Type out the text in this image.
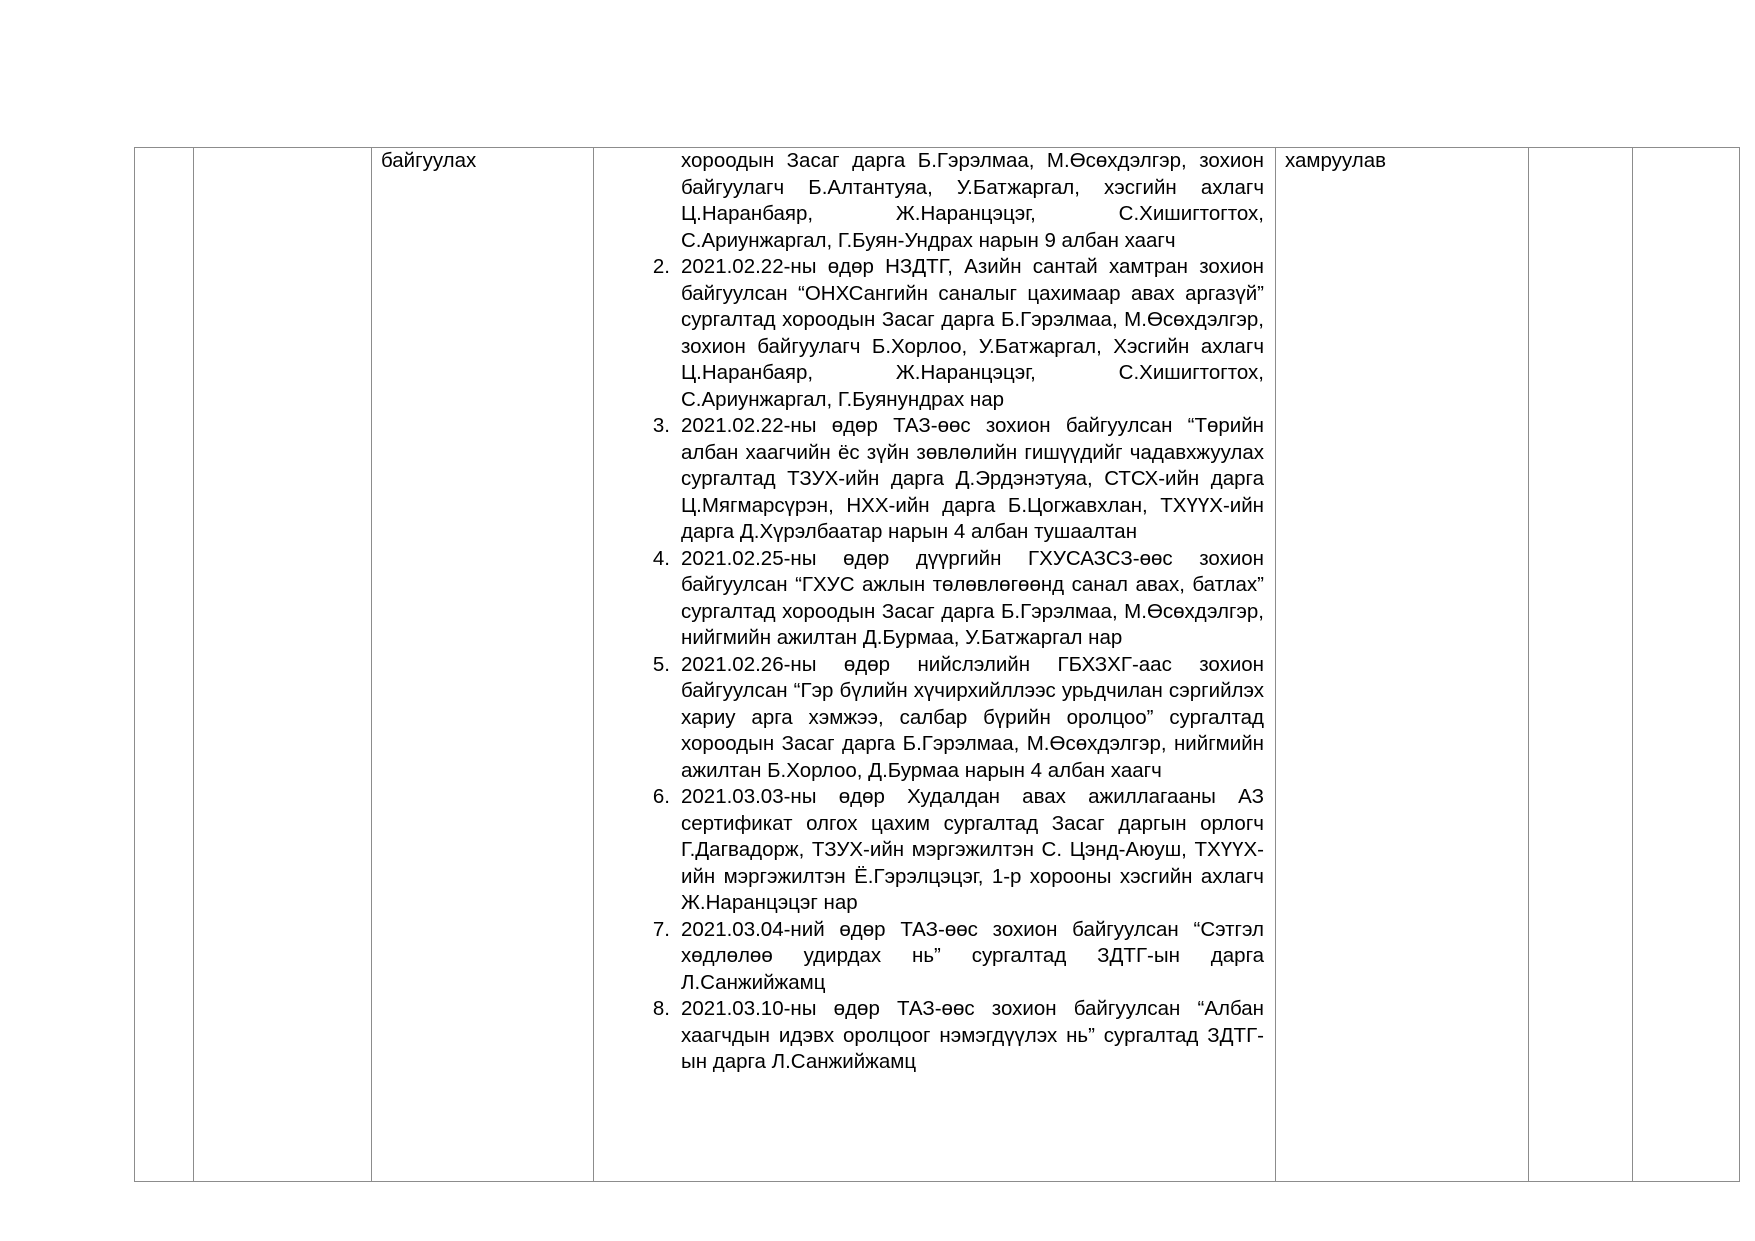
байгуулах	хороодын Засаг дарга Б.Гэрэлмаа, М.Өсөхдэлгэр, зохион байгуулагч Б.Алтантуяа, У.Батжаргал, хэсгийн ахлагч Ц.Наранбаяр, Ж.Наранцэцэг, С.Хишигтогтох, С.Ариунжаргал, Г.Буян-Ундрах нарын 9 албан хаагч
2. 2021.02.22-ны өдөр НЗДТГ, Азийн сантай хамтран зохион байгуулсан “ОНХСангийн саналыг цахимаар авах аргазүй” сургалтад хороодын Засаг дарга Б.Гэрэлмаа, М.Өсөхдэлгэр, зохион байгуулагч Б.Хорлоо, У.Батжаргал, Хэсгийн ахлагч Ц.Наранбаяр, Ж.Наранцэцэг, С.Хишигтогтох, С.Ариунжаргал, Г.Буянундрах нар
3. 2021.02.22-ны өдөр ТАЗ-өөс зохион байгуулсан “Төрийн албан хаагчийн ёс зүйн зөвлөлийн гишүүдийг чадавхжуулах сургалтад ТЗУХ-ийн дарга Д.Эрдэнэтуяа, СТСХ-ийн дарга Ц.Мягмарсүрэн, НХХ-ийн дарга Б.Цогжавхлан, ТХҮҮХ-ийн дарга Д.Хүрэлбаатар нарын 4 албан тушаалтан
4. 2021.02.25-ны өдөр дүүргийн ГХУСАЗСЗ-өөс зохион байгуулсан “ГХУС ажлын төлөвлөгөөнд санал авах, батлах” сургалтад хороодын Засаг дарга Б.Гэрэлмаа, М.Өсөхдэлгэр, нийгмийн ажилтан Д.Бурмаа, У.Батжаргал нар
5. 2021.02.26-ны өдөр нийслэлийн ГБХЗХГ-аас зохион байгуулсан “Гэр бүлийн хүчирхийллээс урьдчилан сэргийлэх хариу арга хэмжээ, салбар бүрийн оролцоо” сургалтад хороодын Засаг дарга Б.Гэрэлмаа, М.Өсөхдэлгэр, нийгмийн ажилтан Б.Хорлоо, Д.Бурмаа нарын 4 албан хаагч
6. 2021.03.03-ны өдөр Худалдан авах ажиллагааны АЗ сертификат олгох цахим сургалтад Засаг даргын орлогч Г.Дагвадорж, ТЗУХ-ийн мэргэжилтэн С. Цэнд-Аюуш, ТХҮҮХ-ийн мэргэжилтэн Ё.Гэрэлцэцэг, 1-р хорооны хэсгийн ахлагч Ж.Наранцэцэг нар
7. 2021.03.04-ний өдөр ТАЗ-өөс зохион байгуулсан “Сэтгэл хөдлөлөө удирдах нь” сургалтад ЗДТГ-ын дарга Л.Санжийжамц
8. 2021.03.10-ны өдөр ТАЗ-өөс зохион байгуулсан “Албан хаагчдын идэвх оролцоог нэмэгдүүлэх нь” сургалтад ЗДТГ-ын дарга Л.Санжийжамц

хамруулав
